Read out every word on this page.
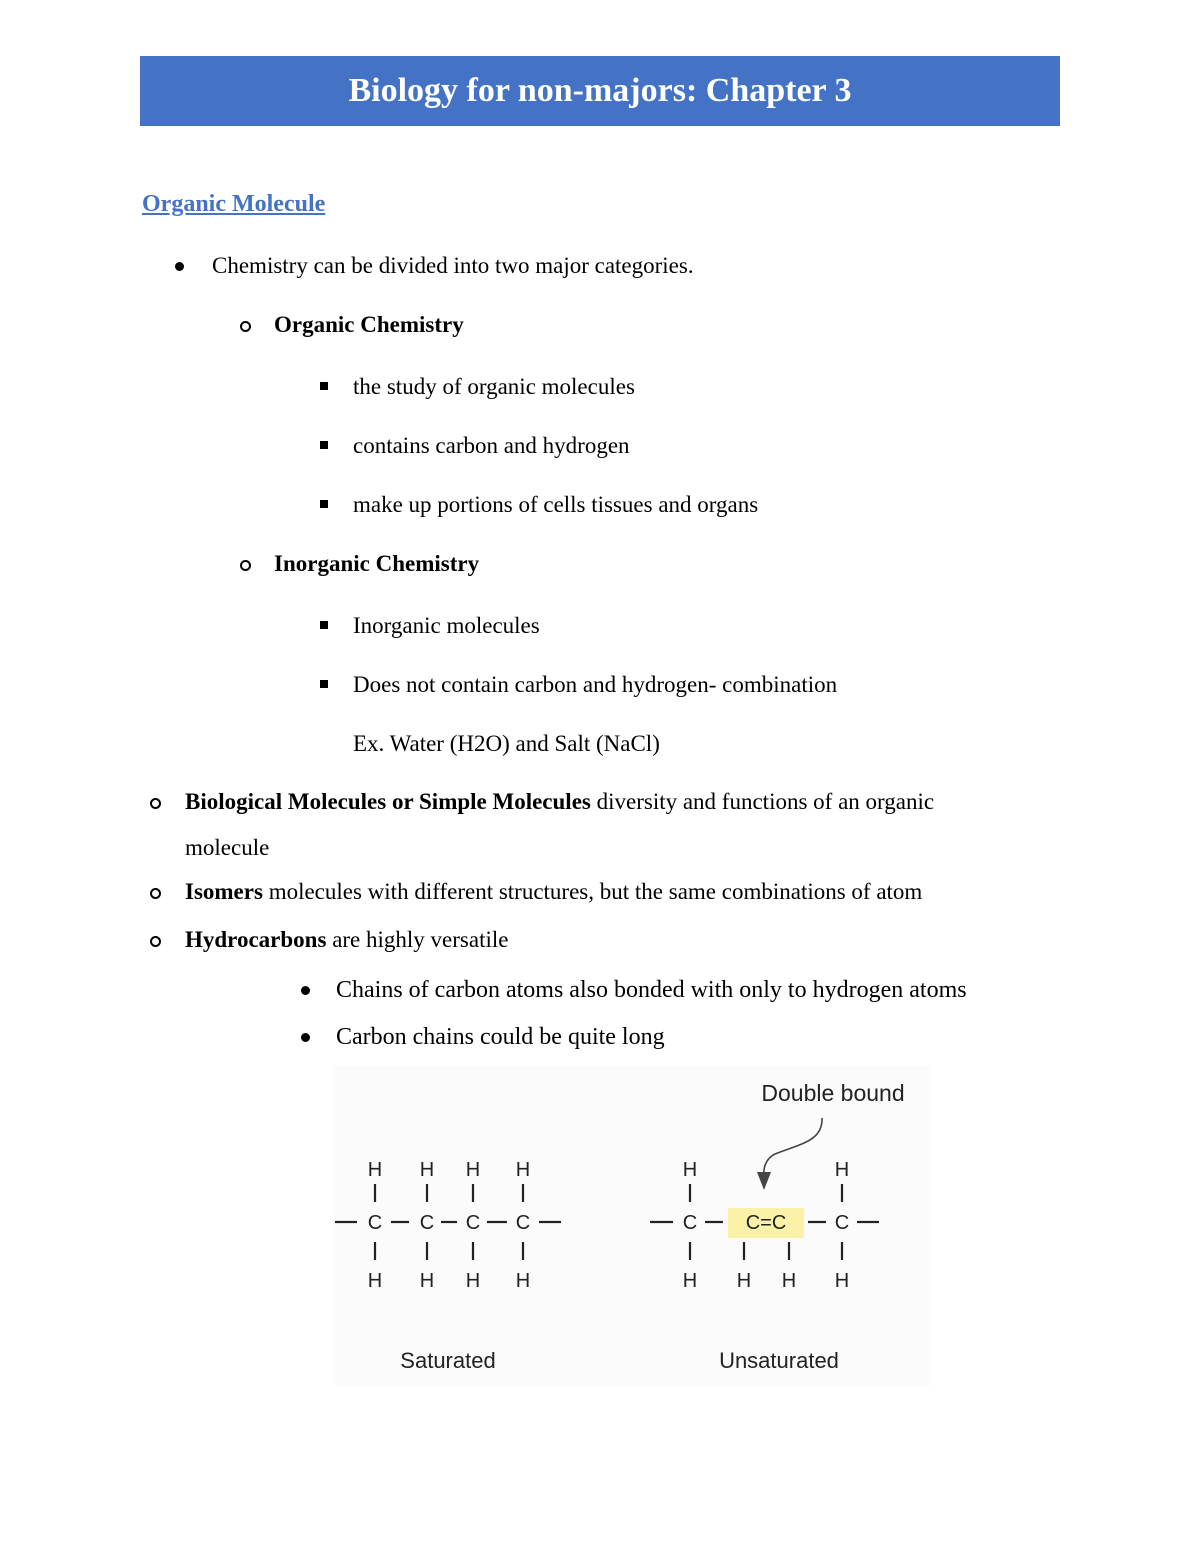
Biology for non-majors: Chapter 3
Organic Molecule
Chemistry can be divided into two major categories.
Organic Chemistry
the study of organic molecules
contains carbon and hydrogen
make up portions of cells tissues and organs
Inorganic Chemistry
Inorganic molecules
Does not contain carbon and hydrogen- combination
Ex. Water (H2O) and Salt (NaCl)
Biological Molecules or Simple Molecules diversity and functions of an organic
molecule
Isomers molecules with different structures, but the same combinations of atom
Hydrocarbons are highly versatile
Chains of carbon atoms also bonded with only to hydrogen atoms
Carbon chains could be quite long
Double bound
H H H H
C C C C
H H H H
Saturated
H	H
C C=C C
H H H H
Unsaturated
